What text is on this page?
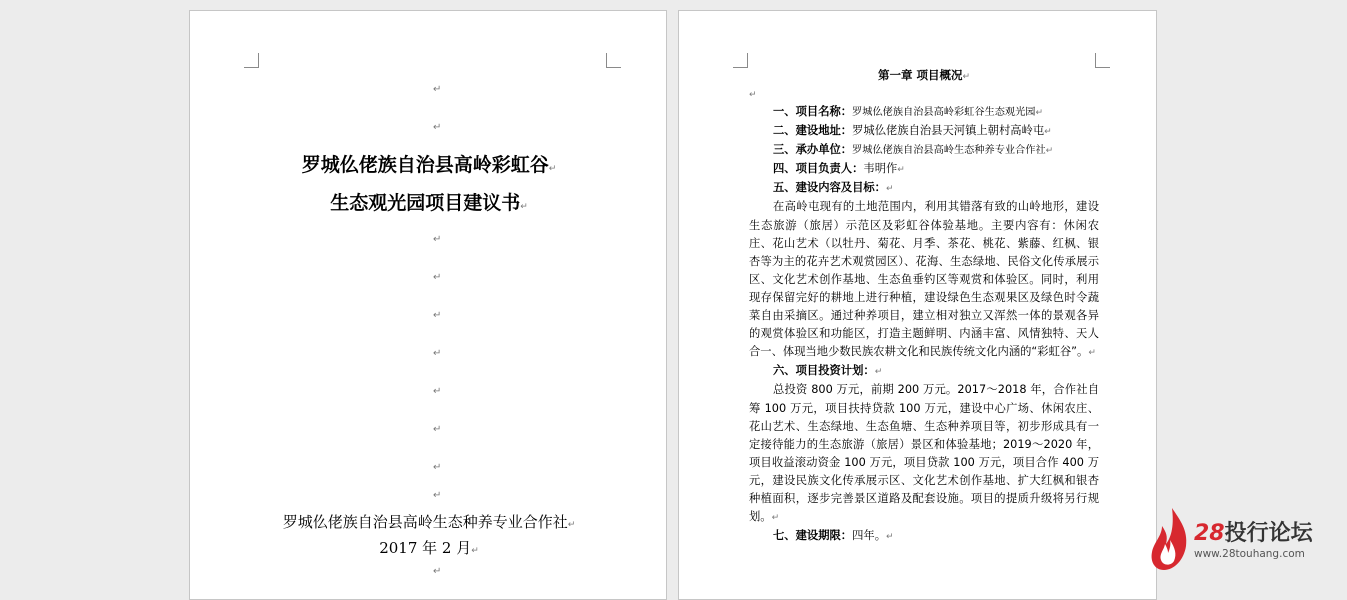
↵
↵
罗城仫佬族自治县高岭彩虹谷↵
生态观光园项目建议书↵
↵
↵
↵
↵
↵
↵
↵
↵
罗城仫佬族自治县高岭生态种养专业合作社↵
2017 年 2 月↵
↵
第一章 项目概况↵
↵
一、项目名称：罗城仫佬族自治县高岭彩虹谷生态观光园↵
二、建设地址：罗城仫佬族自治县天河镇上朝村高岭屯↵
三、承办单位：罗城仫佬族自治县高岭生态种养专业合作社↵
四、项目负责人：韦明作↵
五、建设内容及目标：↵
在高岭屯现有的土地范围内，利用其错落有致的山岭地形，建设生态旅游（旅居）示范区及彩虹谷体验基地。主要内容有：休闲农庄、花山艺术（以牡丹、菊花、月季、茶花、桃花、紫藤、红枫、银杏等为主的花卉艺术观赏园区）、花海、生态绿地、民俗文化传承展示区、文化艺术创作基地、生态鱼垂钓区等观赏和体验区。同时，利用现存保留完好的耕地上进行种植，建设绿色生态观果区及绿色时令蔬菜自由采摘区。通过种养项目，建立相对独立又浑然一体的景观各异的观赏体验区和功能区，打造主题鲜明、内涵丰富、风情独特、天人合一、体现当地少数民族农耕文化和民族传统文化内涵的“彩虹谷”。↵
六、项目投资计划：↵
总投资 800 万元，前期 200 万元。2017～2018 年，合作社自筹 100 万元，项目扶持贷款 100 万元，建设中心广场、休闲农庄、花山艺术、生态绿地、生态鱼塘、生态种养项目等，初步形成具有一定接待能力的生态旅游（旅居）景区和体验基地；2019～2020 年，项目收益滚动资金 100 万元，项目贷款 100 万元，项目合作 400 万元，建设民族文化传承展示区、文化艺术创作基地、扩大红枫和银杏种植面积，逐步完善景区道路及配套设施。项目的提质升级将另行规划。↵
七、建设期限：四年。↵	28投行论坛
www.28touhang.com
